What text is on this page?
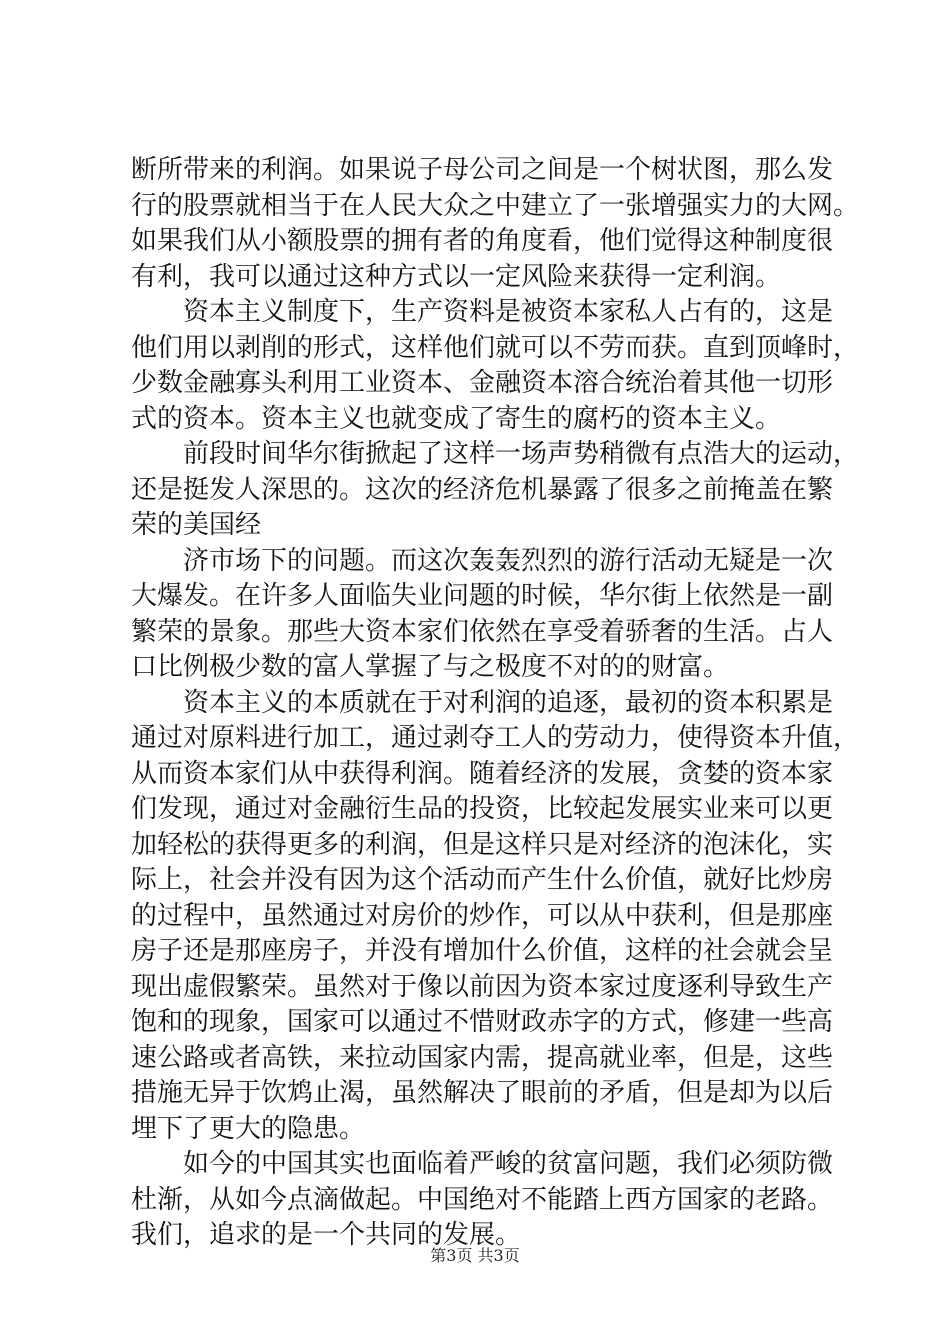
断所带来的利润。如果说子母公司之间是一个树状图，那么发
行的股票就相当于在人民大众之中建立了一张增强实力的大网。
如果我们从小额股票的拥有者的角度看，他们觉得这种制度很
有利，我可以通过这种方式以一定风险来获得一定利润。
资本主义制度下，生产资料是被资本家私人占有的，这是
他们用以剥削的形式，这样他们就可以不劳而获。直到顶峰时，
少数金融寡头利用工业资本、金融资本溶合统治着其他一切形
式的资本。资本主义也就变成了寄生的腐朽的资本主义。
前段时间华尔街掀起了这样一场声势稍微有点浩大的运动，
还是挺发人深思的。这次的经济危机暴露了很多之前掩盖在繁
荣的美国经
济市场下的问题。而这次轰轰烈烈的游行活动无疑是一次
大爆发。在许多人面临失业问题的时候，华尔街上依然是一副
繁荣的景象。那些大资本家们依然在享受着骄奢的生活。占人
口比例极少数的富人掌握了与之极度不对的的财富。
资本主义的本质就在于对利润的追逐，最初的资本积累是
通过对原料进行加工，通过剥夺工人的劳动力，使得资本升值，
从而资本家们从中获得利润。随着经济的发展，贪婪的资本家
们发现，通过对金融衍生品的投资，比较起发展实业来可以更
加轻松的获得更多的利润，但是这样只是对经济的泡沫化，实
际上，社会并没有因为这个活动而产生什么价值，就好比炒房
的过程中，虽然通过对房价的炒作，可以从中获利，但是那座
房子还是那座房子，并没有增加什么价值，这样的社会就会呈
现出虚假繁荣。虽然对于像以前因为资本家过度逐利导致生产
饱和的现象，国家可以通过不惜财政赤字的方式，修建一些高
速公路或者高铁，来拉动国家内需，提高就业率，但是，这些
措施无异于饮鸩止渴，虽然解决了眼前的矛盾，但是却为以后
埋下了更大的隐患。
如今的中国其实也面临着严峻的贫富问题，我们必须防微
杜渐，从如今点滴做起。中国绝对不能踏上西方国家的老路。
我们，追求的是一个共同的发展。
第3页 共3页
